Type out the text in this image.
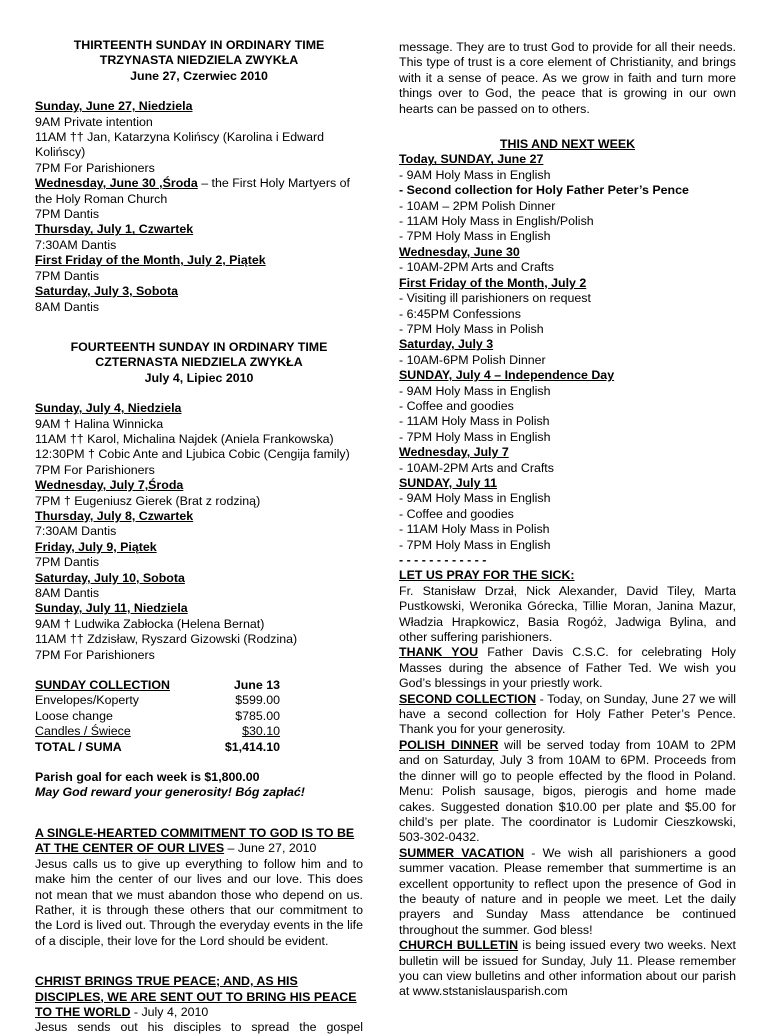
THIRTEENTH SUNDAY IN ORDINARY TIME
TRZYNASTA NIEDZIELA ZWYKŁA
June 27, Czerwiec 2010
Sunday, June 27, Niedziela
9AM Private intention
11AM †† Jan, Katarzyna Kolińscy (Karolina i Edward
Kolińscy)
7PM For Parishioners
Wednesday, June 30 ,Środa – the First Holy Martyers of
the Holy Roman Church
7PM Dantis
Thursday, July 1, Czwartek
7:30AM Dantis
First Friday of the Month, July 2, Piątek
7PM Dantis
Saturday, July 3, Sobota
8AM Dantis
FOURTEENTH SUNDAY IN ORDINARY TIME
CZTERNASTA NIEDZIELA ZWYKŁA
July 4, Lipiec 2010
Sunday, July 4, Niedziela
9AM † Halina Winnicka
11AM †† Karol, Michalina Najdek (Aniela Frankowska)
12:30PM † Cobic Ante and Ljubica Cobic (Cengija family)
7PM For Parishioners
Wednesday, July 7,Środa
7PM † Eugeniusz Gierek (Brat z rodziną)
Thursday, July 8, Czwartek
7:30AM Dantis
Friday, July 9, Piątek
7PM Dantis
Saturday, July 10, Sobota
8AM Dantis
Sunday, July 11, Niedziela
9AM † Ludwika Zabłocka (Helena Bernat)
11AM †† Zdzisław, Ryszard Gizowski (Rodzina)
7PM For Parishioners
SUNDAY COLLECTION	June 13
Envelopes/Koperty	$599.00
Loose change	$785.00
Candles / Świece	$30.10
TOTAL / SUMA	$1,414.10
Parish goal for each week is $1,800.00
May God reward your generosity! Bóg zapłać!
A SINGLE-HEARTED COMMITMENT TO GOD IS TO BE AT THE CENTER OF OUR LIVES – June 27, 2010
Jesus calls us to give up everything to follow him and to make him the center of our lives and our love. This does not mean that we must abandon those who depend on us. Rather, it is through these others that our commitment to the Lord is lived out. Through the everyday events in the life of a disciple, their love for the Lord should be evident.
CHRIST BRINGS TRUE PEACE; AND, AS HIS DISCIPLES, WE ARE SENT OUT TO BRING HIS PEACE TO THE WORLD - July 4, 2010
Jesus sends out his disciples to spread the gospel
message. They are to trust God to provide for all their needs. This type of trust is a core element of Christianity, and brings with it a sense of peace. As we grow in faith and turn more things over to God, the peace that is growing in our own hearts can be passed on to others.
THIS AND NEXT WEEK
Today, SUNDAY, June 27
- 9AM Holy Mass in English
- Second collection for Holy Father Peter’s Pence
- 10AM – 2PM Polish Dinner
- 11AM Holy Mass in English/Polish
- 7PM Holy Mass in English
Wednesday, June 30
- 10AM-2PM Arts and Crafts
First Friday of the Month, July 2
- Visiting ill parishioners on request
- 6:45PM Confessions
- 7PM Holy Mass in Polish
Saturday, July 3
- 10AM-6PM Polish Dinner
SUNDAY, July 4 – Independence Day
- 9AM Holy Mass in English
- Coffee and goodies
- 11AM Holy Mass in Polish
- 7PM Holy Mass in English
Wednesday, July 7
- 10AM-2PM Arts and Crafts
SUNDAY, July 11
- 9AM Holy Mass in English
- Coffee and goodies
- 11AM Holy Mass in Polish
- 7PM Holy Mass in English
- - - - - - - - - - - -
LET US PRAY FOR THE SICK:
Fr. Stanisław Drzał, Nick Alexander, David Tiley, Marta Pustkowski, Weronika Górecka, Tillie Moran, Janina Mazur, Władzia Hrapkowicz, Basia Rogóż, Jadwiga Bylina, and other suffering parishioners.
THANK YOU Father Davis C.S.C. for celebrating Holy Masses during the absence of Father Ted. We wish you God’s blessings in your priestly work.
SECOND COLLECTION - Today, on Sunday, June 27 we will have a second collection for Holy Father Peter’s Pence. Thank you for your generosity.
POLISH DINNER will be served today from 10AM to 2PM and on Saturday, July 3 from 10AM to 6PM. Proceeds from the dinner will go to people effected by the flood in Poland. Menu: Polish sausage, bigos, pierogis and home made cakes. Suggested donation $10.00 per plate and $5.00 for child’s per plate. The coordinator is Ludomir Cieszkowski, 503-302-0432.
SUMMER VACATION - We wish all parishioners a good summer vacation. Please remember that summertime is an excellent opportunity to reflect upon the presence of God in the beauty of nature and in people we meet. Let the daily prayers and Sunday Mass attendance be continued throughout the summer. God bless!
CHURCH BULLETIN is being issued every two weeks. Next bulletin will be issued for Sunday, July 11. Please remember you can view bulletins and other information about our parish at www.ststanislausparish.com
